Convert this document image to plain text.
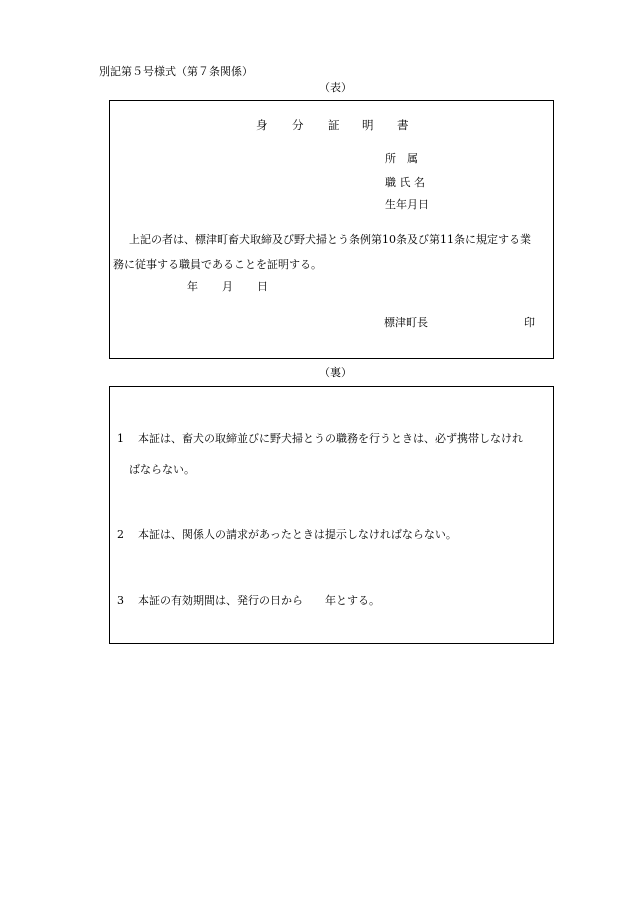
別記第５号様式（第７条関係）
（表）
身 分 証 明 書
所　属
職 氏 名
生年月日
上記の者は、標津町畜犬取締及び野犬掃とう条例第10条及び第11条に規定する業
務に従事する職員であることを証明する。
年 月 日
標津町長	印
（裏）
1 本証は、畜犬の取締並びに野犬掃とうの職務を行うときは、必ず携帯しなけれ
ばならない。
2 本証は、関係人の請求があったときは提示しなければならない。
3 本証の有効期間は、発行の日から　　年とする。
